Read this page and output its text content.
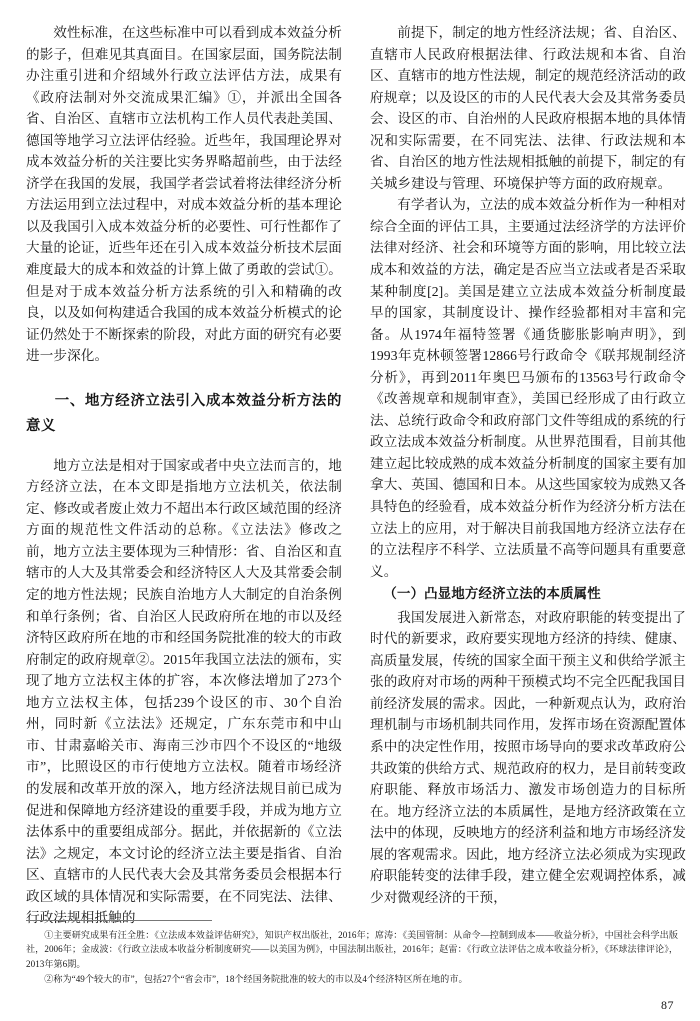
效性标准，在这些标准中可以看到成本效益分析的影子，但难见其真面目。在国家层面，国务院法制办注重引进和介绍域外行政立法评估方法，成果有《政府法制对外交流成果汇编》①，并派出全国各省、自治区、直辖市立法机构工作人员代表赴美国、德国等地学习立法评估经验。近些年，我国理论界对成本效益分析的关注要比实务界略超前些，由于法经济学在我国的发展，我国学者尝试着将法律经济分析方法运用到立法过程中，对成本效益分析的基本理论以及我国引入成本效益分析的必要性、可行性都作了大量的论证，近些年还在引入成本效益分析技术层面难度最大的成本和效益的计算上做了勇敢的尝试①。但是对于成本效益分析方法系统的引入和精确的改良，以及如何构建适合我国的成本效益分析模式的论证仍然处于不断探索的阶段，对此方面的研究有必要进一步深化。

一、地方经济立法引入成本效益分析方法的意义

地方立法是相对于国家或者中央立法而言的，地方经济立法，在本文即是指地方立法机关，依法制定、修改或者废止效力不超出本行政区域范围的经济方面的规范性文件活动的总称。《立法法》修改之前，地方立法主要体现为三种情形：省、自治区和直辖市的人大及其常委会和经济特区人大及其常委会制定的地方性法规；民族自治地方人大制定的自治条例和单行条例；省、自治区人民政府所在地的市以及经济特区政府所在地的市和经国务院批准的较大的市政府制定的政府规章②。2015年我国立法法的颁布，实现了地方立法权主体的扩容，本次修法增加了273个地方立法权主体，包括239个设区的市、30个自治州，同时新《立法法》还规定，广东东莞市和中山市、甘肃嘉峪关市、海南三沙市四个不设区的“地级市”，比照设区的市行使地方立法权。随着市场经济的发展和改革开放的深入，地方经济法规目前已成为促进和保障地方经济建设的重要手段，并成为地方立法体系中的重要组成部分。据此，并依据新的《立法法》之规定，本文讨论的经济立法主要是指省、自治区、直辖市的人民代表大会及其常务委员会根据本行政区域的具体情况和实际需要，在不同宪法、法律、行政法规相抵触的

前提下，制定的地方性经济法规；省、自治区、直辖市人民政府根据法律、行政法规和本省、自治区、直辖市的地方性法规，制定的规范经济活动的政府规章；以及设区的市的人民代表大会及其常务委员会、设区的市、自治州的人民政府根据本地的具体情况和实际需要，在不同宪法、法律、行政法规和本省、自治区的地方性法规相抵触的前提下，制定的有关城乡建设与管理、环境保护等方面的政府规章。

有学者认为，立法的成本效益分析作为一种相对综合全面的评估工具，主要通过法经济学的方法评价法律对经济、社会和环境等方面的影响，用比较立法成本和效益的方法，确定是否应当立法或者是否采取某种制度[2]。美国是建立立法成本效益分析制度最早的国家，其制度设计、操作经验都相对丰富和完备。从1974年福特签署《通货膨胀影响声明》，到1993年克林顿签署12866号行政命令《联邦规制经济分析》，再到2011年奥巴马颁布的13563号行政命令《改善规章和规制审查》，美国已经形成了由行政立法、总统行政命令和政府部门文件等组成的系统的行政立法成本效益分析制度。从世界范围看，目前其他建立起比较成熟的成本效益分析制度的国家主要有加拿大、英国、德国和日本。从这些国家较为成熟又各具特色的经验看，成本效益分析作为经济分析方法在立法上的应用，对于解决目前我国地方经济立法存在的立法程序不科学、立法质量不高等问题具有重要意义。

（一）凸显地方经济立法的本质属性

我国发展进入新常态，对政府职能的转变提出了时代的新要求，政府要实现地方经济的持续、健康、高质量发展，传统的国家全面干预主义和供给学派主张的政府对市场的两种干预模式均不完全匹配我国目前经济发展的需求。因此，一种新观点认为，政府治理机制与市场机制共同作用，发挥市场在资源配置体系中的决定性作用，按照市场导向的要求改革政府公共政策的供给方式、规范政府的权力，是目前转变政府职能、释放市场活力、激发市场创造力的目标所在。地方经济立法的本质属性，是地方经济政策在立法中的体现，反映地方的经济利益和地方市场经济发展的客观需求。因此，地方经济立法必须成为实现政府职能转变的法律手段，建立健全宏观调控体系，减少对微观经济的干预，

①主要研究成果有汪全胜：《立法成本效益评估研究》，知识产权出版社，2016年；席涛：《美国管制：从命令—控制到成本——收益分析》，中国社会科学出版社，2006年；金成波：《行政立法成本收益分析制度研究——以美国为例》，中国法制出版社，2016年；赵雷：《行政立法评估之成本收益分析》，《环球法律评论》，2013年第6期。

②称为“49个较大的市”，包括27个“省会市”，18个经国务院批准的较大的市以及4个经济特区所在地的市。

87
